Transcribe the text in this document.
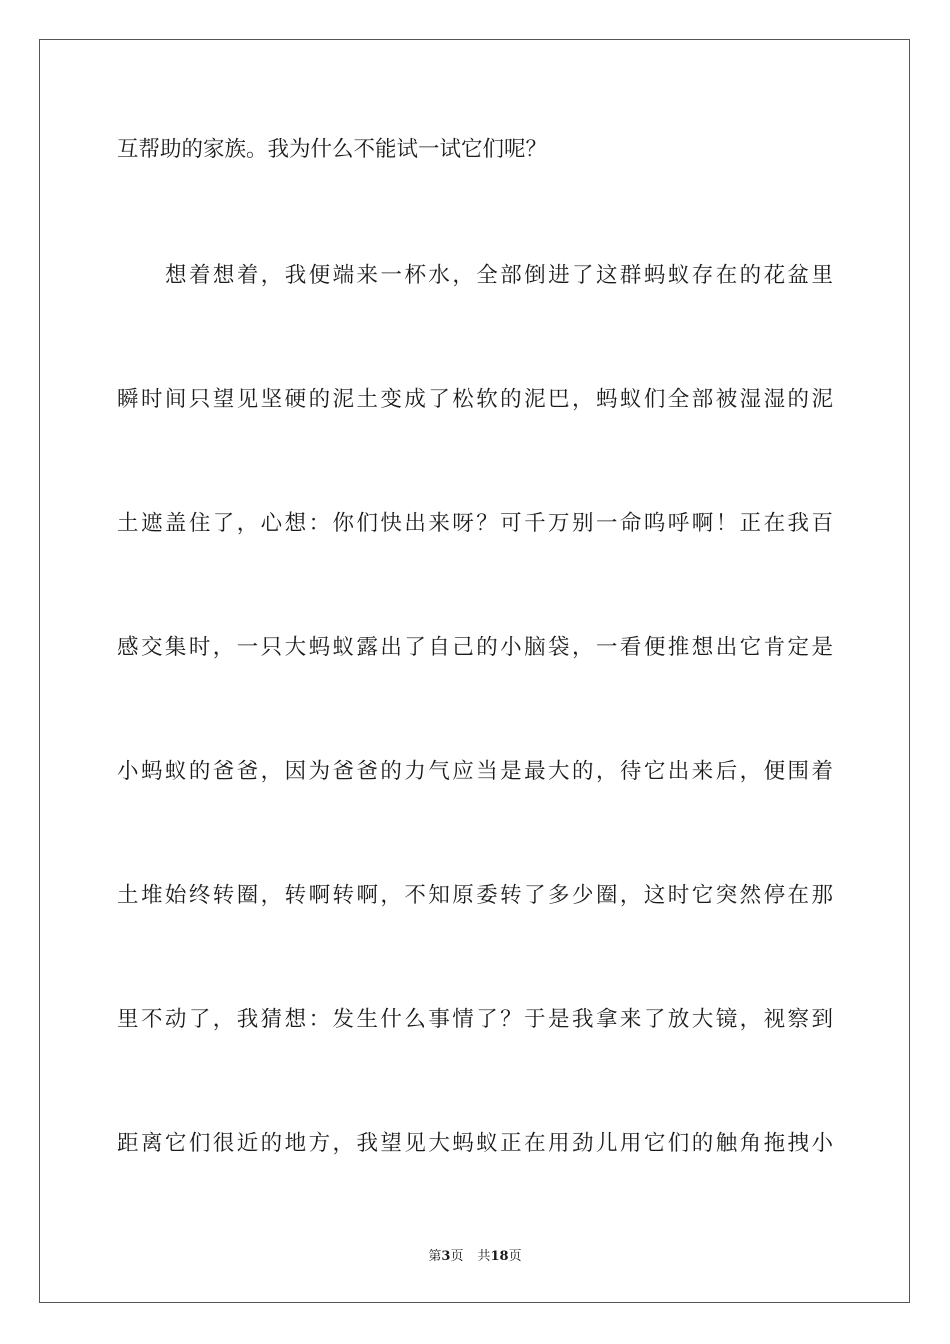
互帮助的家族。我为什么不能试一试它们呢？
想着想着，我便端来一杯水，全部倒进了这群蚂蚁存在的花盆里
瞬时间只望见坚硬的泥土变成了松软的泥巴，蚂蚁们全部被湿湿的泥
土遮盖住了，心想：你们快出来呀？可千万别一命呜呼啊！正在我百
感交集时，一只大蚂蚁露出了自己的小脑袋，一看便推想出它肯定是
小蚂蚁的爸爸，因为爸爸的力气应当是最大的，待它出来后，便围着
土堆始终转圈，转啊转啊，不知原委转了多少圈，这时它突然停在那
里不动了，我猜想：发生什么事情了？于是我拿来了放大镜，视察到
距离它们很近的地方，我望见大蚂蚁正在用劲儿用它们的触角拖拽小
第3页 共18页
